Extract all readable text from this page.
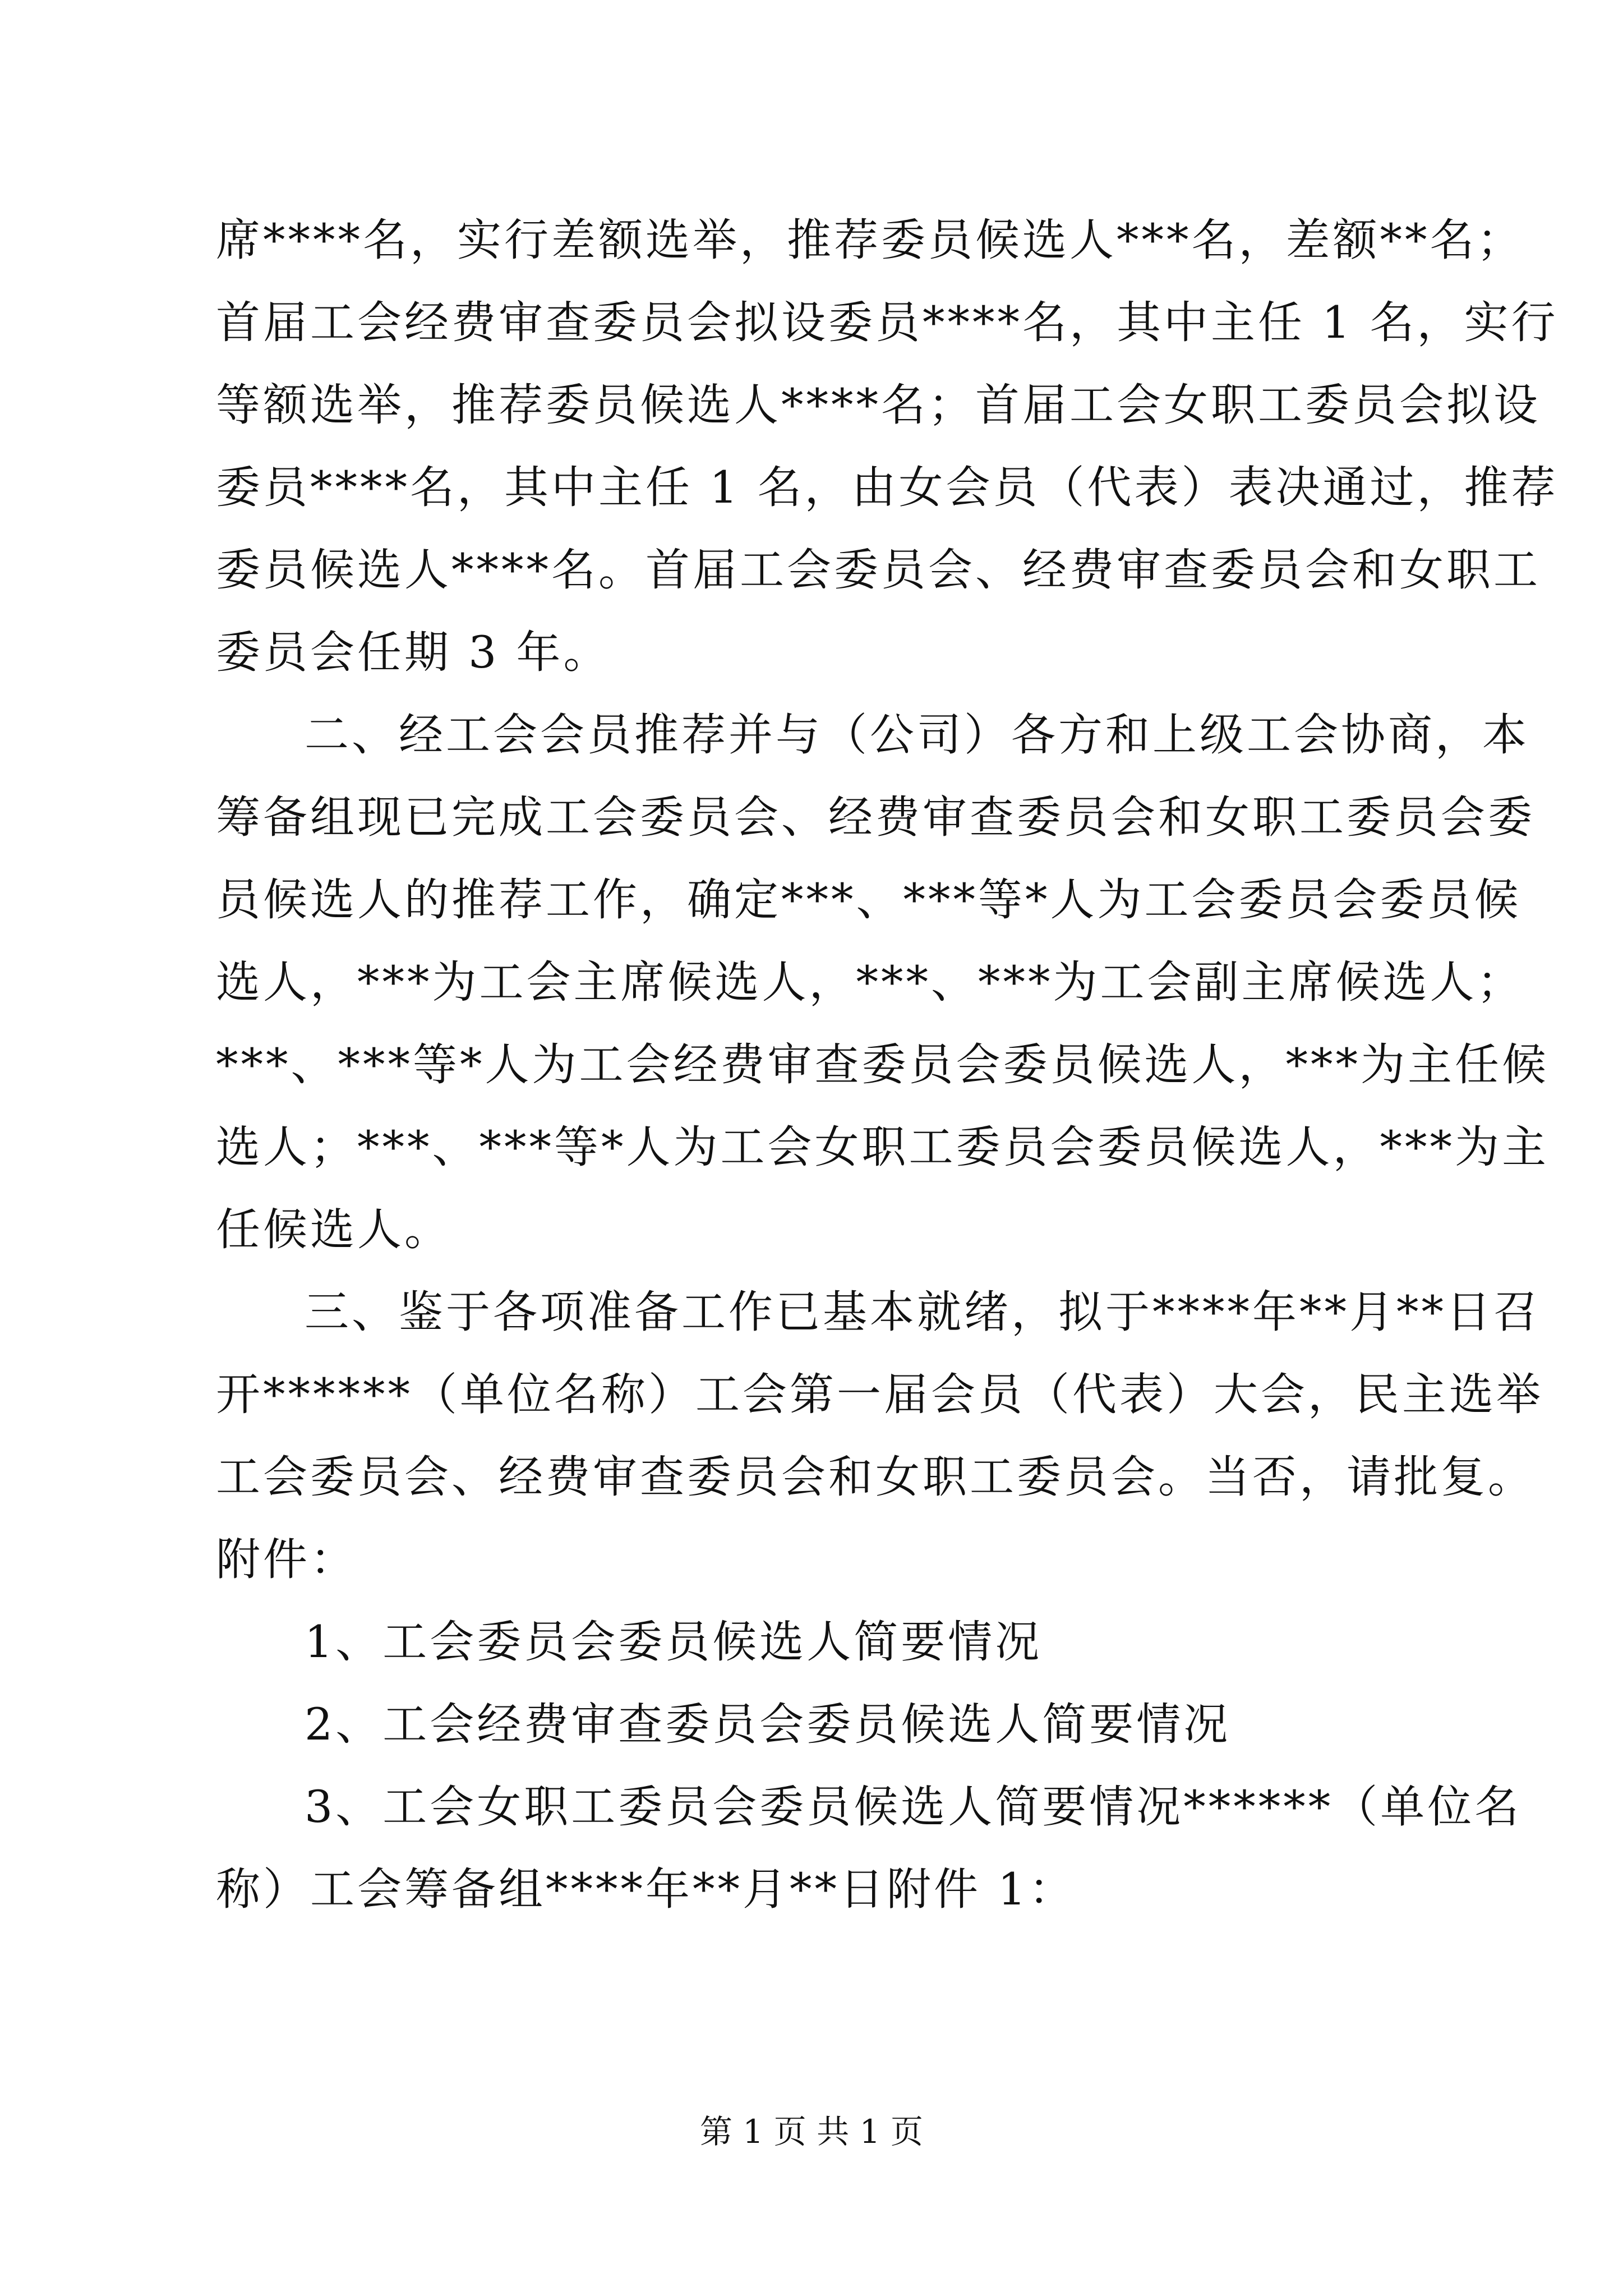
席****名，实行差额选举，推荐委员候选人***名，差额**名；
首届工会经费审查委员会拟设委员****名，其中主任 1 名，实行
等额选举，推荐委员候选人****名；首届工会女职工委员会拟设
委员****名，其中主任 1 名，由女会员（代表）表决通过，推荐
委员候选人****名。首届工会委员会、经费审查委员会和女职工
委员会任期 3 年。
二、经工会会员推荐并与（公司）各方和上级工会协商，本
筹备组现已完成工会委员会、经费审查委员会和女职工委员会委
员候选人的推荐工作，确定***、***等*人为工会委员会委员候
选人，***为工会主席候选人，***、***为工会副主席候选人；
***、***等*人为工会经费审查委员会委员候选人，***为主任候
选人；***、***等*人为工会女职工委员会委员候选人，***为主
任候选人。
三、鉴于各项准备工作已基本就绪，拟于****年**月**日召
开******（单位名称）工会第一届会员（代表）大会，民主选举
工会委员会、经费审查委员会和女职工委员会。当否，请批复。
附件：
1、工会委员会委员候选人简要情况
2、工会经费审查委员会委员候选人简要情况
3、工会女职工委员会委员候选人简要情况******（单位名
称）工会筹备组****年**月**日附件 1：
第 1 页 共 1 页
